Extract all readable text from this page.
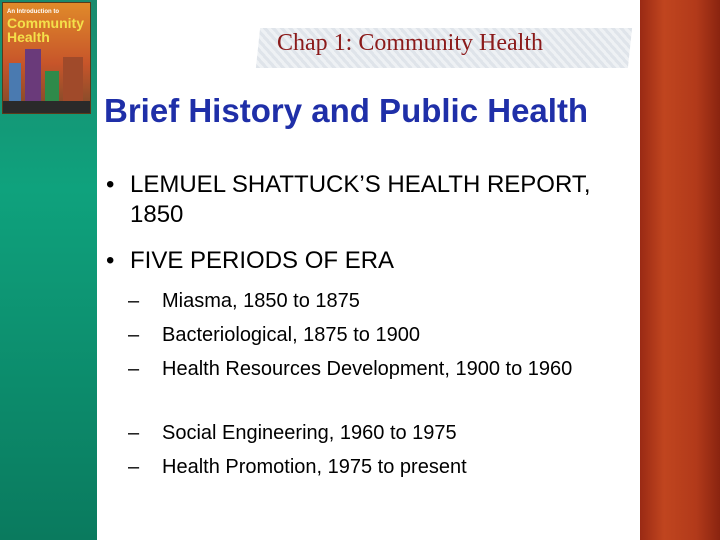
An Introduction to
Community
Health	Chap 1: Community Health
Brief History and Public Health
• LEMUEL SHATTUCK’S HEALTH REPORT, 1850
• FIVE PERIODS OF ERA
–	Miasma, 1850 to 1875
–	Bacteriological, 1875 to 1900
–	Health Resources Development, 1900 to 1960
–	Social Engineering, 1960 to 1975
–	Health Promotion, 1975 to present
